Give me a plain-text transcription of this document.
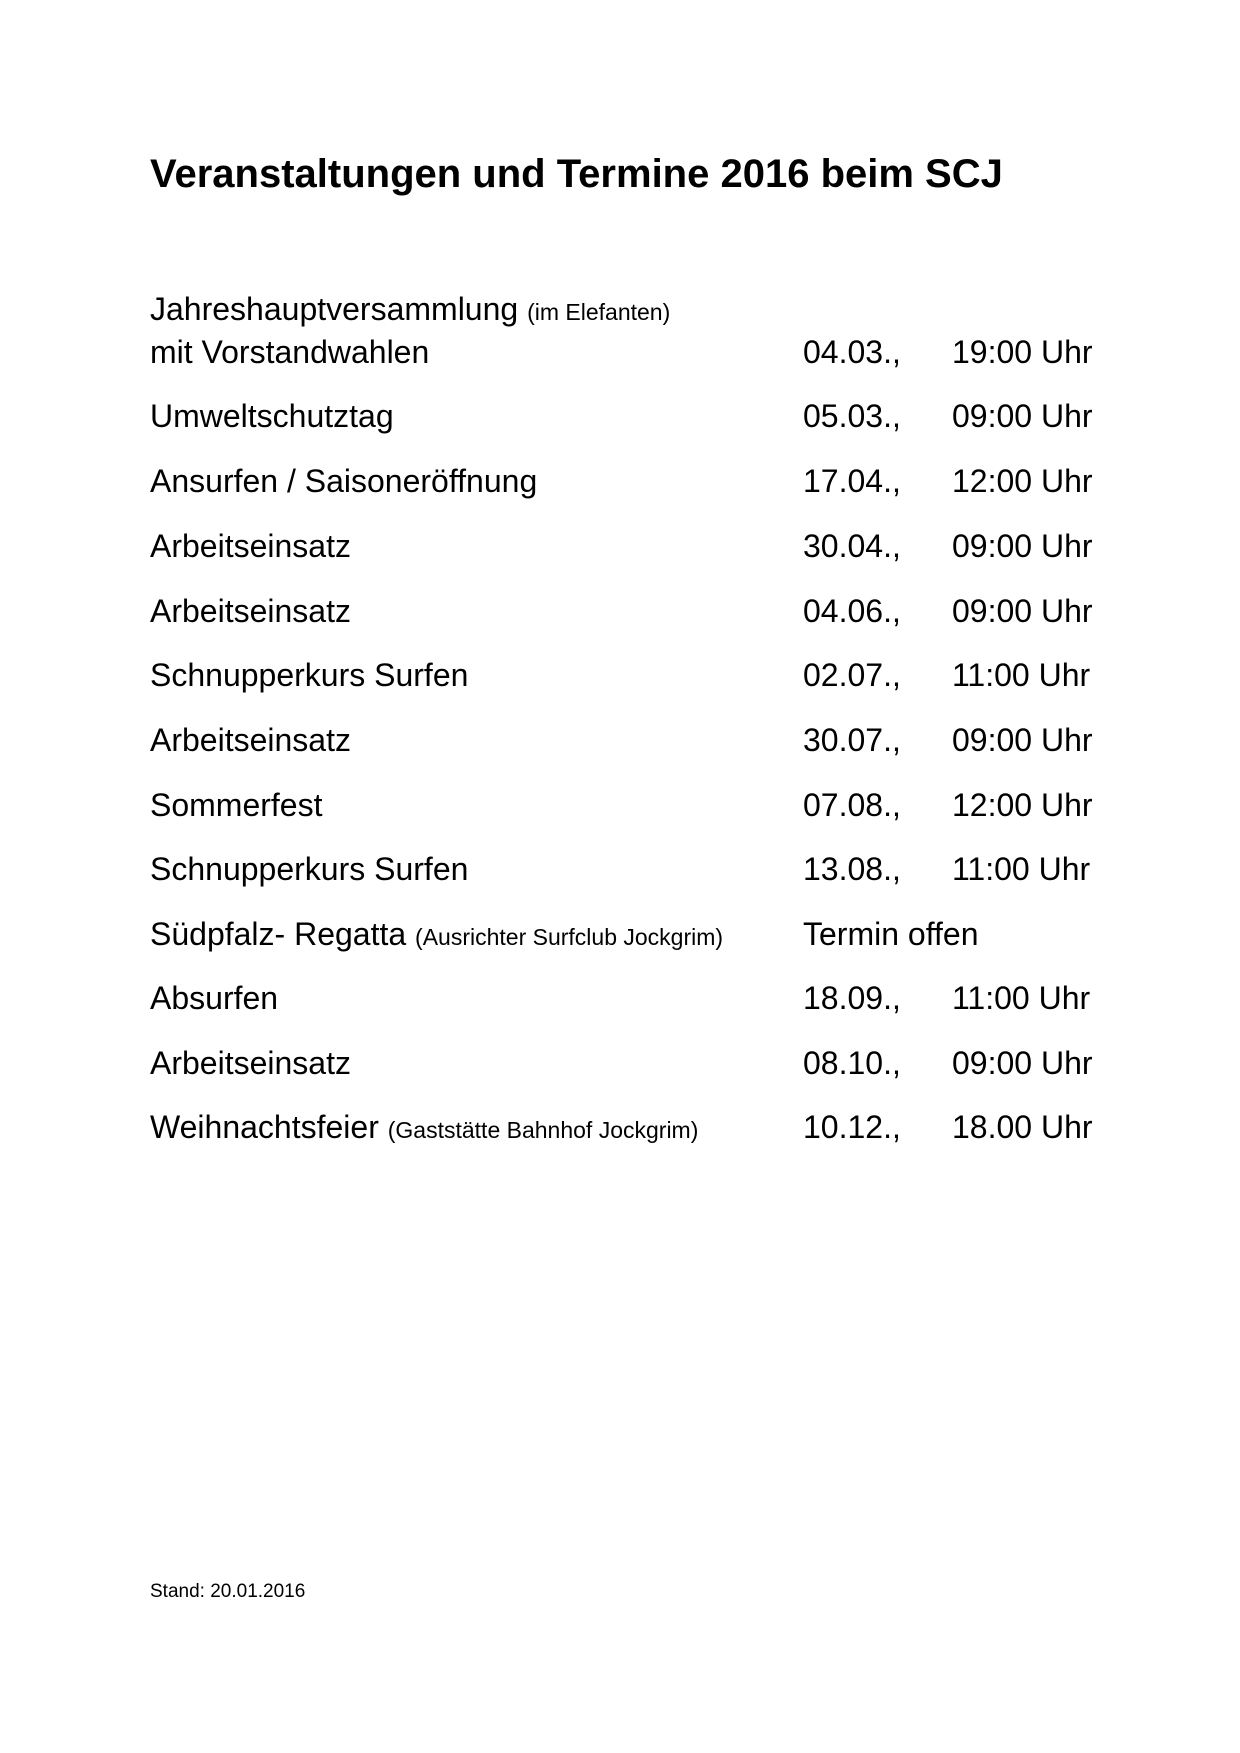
Veranstaltungen und Termine 2016 beim SCJ
Jahreshauptversammlung (im Elefanten)
mit Vorstandwahlen	04.03., 19:00 Uhr
Umweltschutztag	05.03., 09:00 Uhr
Ansurfen / Saisoneröffnung	17.04., 12:00 Uhr
Arbeitseinsatz	30.04., 09:00 Uhr
Arbeitseinsatz	04.06., 09:00 Uhr
Schnupperkurs Surfen	02.07., 11:00 Uhr
Arbeitseinsatz	30.07., 09:00 Uhr
Sommerfest	07.08., 12:00 Uhr
Schnupperkurs Surfen	13.08., 11:00 Uhr
Südpfalz- Regatta (Ausrichter Surfclub Jockgrim) Termin offen
Absurfen	18.09., 11:00 Uhr
Arbeitseinsatz	08.10., 09:00 Uhr
Weihnachtsfeier (Gaststätte Bahnhof Jockgrim)	10.12., 18.00 Uhr
Stand: 20.01.2016
